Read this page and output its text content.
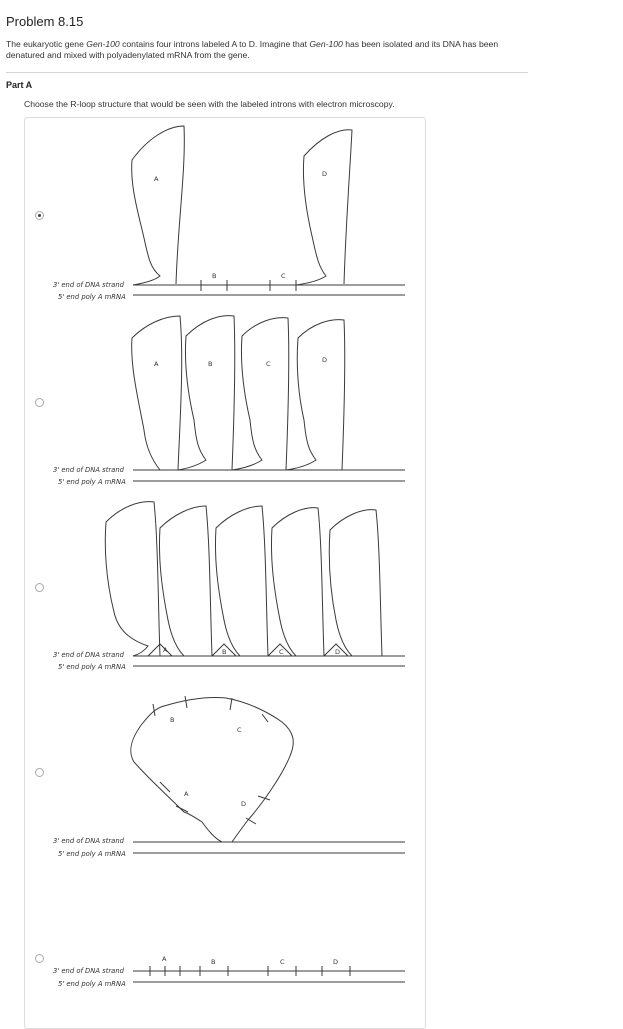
Problem 8.15
The eukaryotic gene Gen-100 contains four introns labeled A to D. Imagine that Gen-100 has been isolated and its DNA has been denatured and mixed with polyadenylated mRNA from the gene.
Part A
Choose the R-loop structure that would be seen with the labeled introns with electron microscopy.
3' end of DNA strand
5' end poly A mRNA
A
B	C
D
3' end of DNA strand
5' end poly A mRNA
A	B	C	D
3' end of DNA strand
5' end poly A mRNA
A	B	C	D
3' end of DNA strand
5' end poly A mRNA
A
B
C
D
3' end of DNA strand
5' end poly A mRNA
A	B	C	D
